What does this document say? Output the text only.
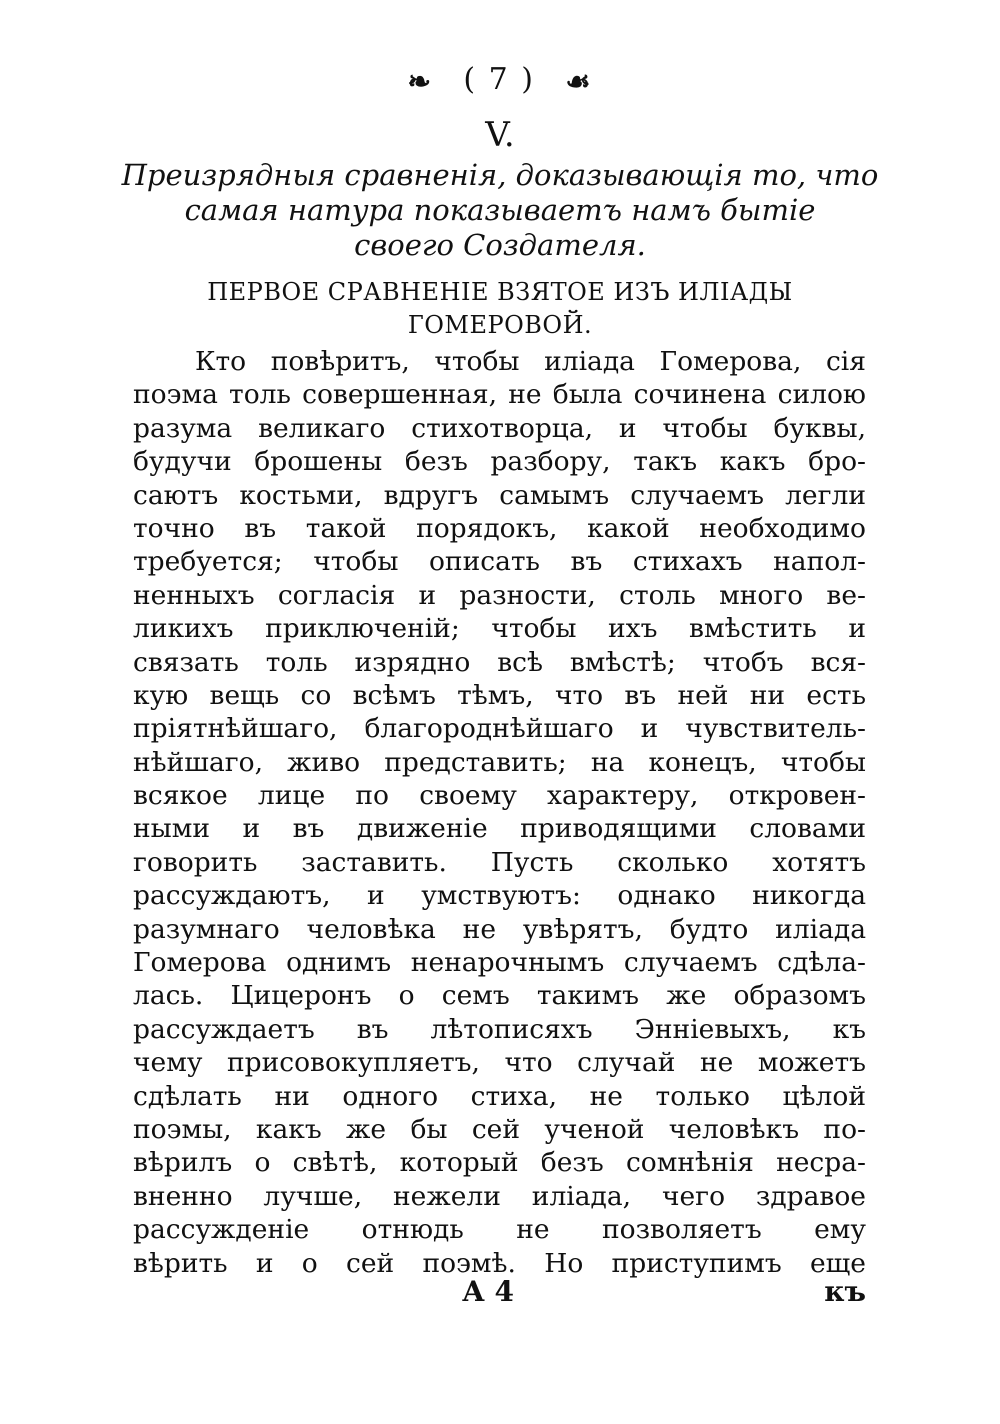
❧ ( 7 ) ☙
V.
Преизрядныя сравненія, доказывающія то, что
самая натура показываетъ намъ бытіе
своего Создателя.
ПЕРВОЕ СРАВНЕНІЕ ВЗЯТОЕ ИЗЪ ИЛІАДЫ
ГОМЕРОВОЙ.
Кто повѣритъ, чтобы иліада Гомерова, сія
поэма толь совершенная, не была сочинена силою
разума великаго стихотворца, и чтобы буквы,
будучи брошены безъ разбору, такъ какъ бро-
саютъ костьми, вдругъ самымъ случаемъ легли
точно въ такой порядокъ, какой необходимо
требуется; чтобы описать въ стихахъ напол-
ненныхъ согласія и разности, столь много ве-
ликихъ приключеній; чтобы ихъ вмѣстить и
связать толь изрядно всѣ вмѣстѣ; чтобъ вся-
кую вещь со всѣмъ тѣмъ, что въ ней ни есть
пріятнѣйшаго, благороднѣйшаго и чувствитель-
нѣйшаго, живо представить; на конецъ, чтобы
всякое лице по своему характеру, откровен-
ными и въ движеніе приводящими словами
говорить заставить. Пусть сколько хотятъ
рассуждаютъ, и умствуютъ: однако никогда
разумнаго человѣка не увѣрятъ, будто иліада
Гомерова однимъ ненарочнымъ случаемъ сдѣла-
лась. Цицеронъ о семъ такимъ же образомъ
рассуждаетъ въ лѣтописяхъ Энніевыхъ, къ
чему присовокупляетъ, что случай не можетъ
сдѣлать ни одного стиха, не только цѣлой
поэмы, какъ же бы сей ученой человѣкъ по-
вѣрилъ о свѣтѣ, который безъ сомнѣнія несра-
вненно лучше, нежели иліада, чего здравое
рассужденіе отнюдь не позволяетъ ему
вѣрить и о сей поэмѣ. Но приступимъ еще
А 4	къ
